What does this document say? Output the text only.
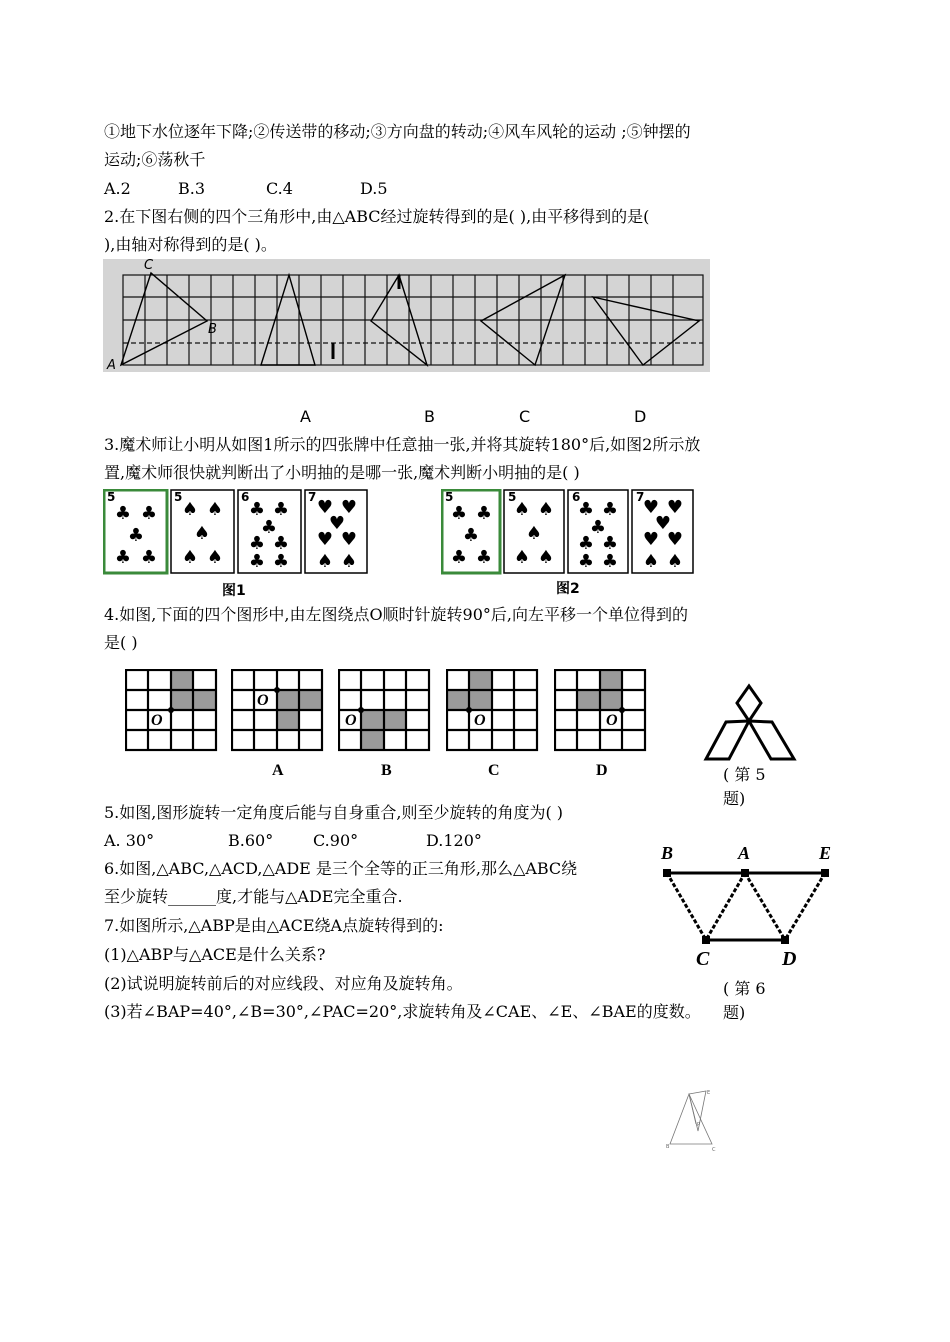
①地下水位逐年下降;②传送带的移动;③方向盘的转动;④风车风轮的运动 ;⑤钟摆的
运动;⑥荡秋千
A.2	B.3	C.4	D.5
2.在下图右侧的四个三角形中,由△ABC经过旋转得到的是( ),由平移得到的是(
),由轴对称得到的是( )。
C
B
A
A	B	C	D
3.魔术师让小明从如图1所示的四张牌中任意抽一张,并将其旋转180°后,如图2所示放
置,魔术师很快就判断出了小明抽的是哪一张,魔术判断小明抽的是( )
♣ ♣
♣
♣ ♣
♠ ♠
♠
♠ ♠
♣ ♣
♣
♣ ♣
♣ ♣
♥ ♥
♥
♥ ♥
♠ ♠
5	5	6	7
图1
♣ ♣
♣
♣ ♣
♠ ♠
♠
♠ ♠
♣ ♣
♣
♣ ♣
♣ ♣
♥ ♥
♥
♥ ♥
♠ ♠
5	5	6	7
图2
4.如图,下面的四个图形中,由左图绕点O顺时针旋转90°后,向左平移一个单位得到的
是( )
O
O
O	O	O
A	B	C	D	( 第 5
题)
5.如图,图形旋转一定角度后能与自身重合,则至少旋转的角度为( )
A. 30°	B.60° C.90°	D.120°
6.如图,△ABC,△ACD,△ADE 是三个全等的正三角形,那么△ABC绕
至少旋转______度,才能与△ADE完全重合.
B	A	E
C	D
( 第 6
题)
7.如图所示,△ABP是由△ACE绕A点旋转得到的:
(1)△ABP与△ACE是什么关系?
(2)试说明旋转前后的对应线段、对应角及旋转角。
(3)若∠BAP=40°,∠B=30°,∠PAC=20°,求旋转角及∠CAE、∠E、∠BAE的度数。
E
B	C
P
